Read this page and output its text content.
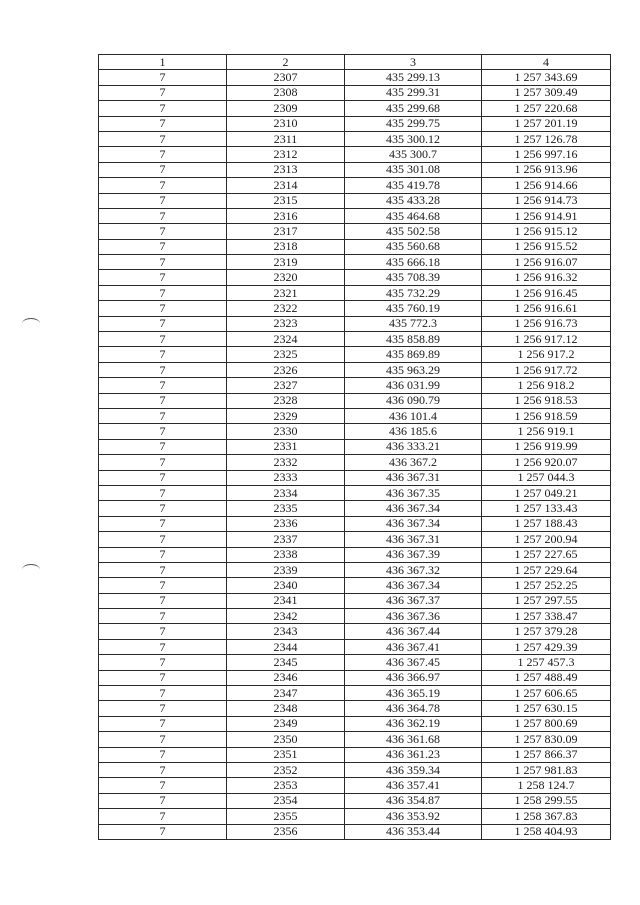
1	2	3	4
7	2307	435 299.13	1 257 343.69
7	2308	435 299.31	1 257 309.49
7	2309	435 299.68	1 257 220.68
7	2310	435 299.75	1 257 201.19
7	2311	435 300.12	1 257 126.78
7	2312	435 300.7	1 256 997.16
7	2313	435 301.08	1 256 913.96
7	2314	435 419.78	1 256 914.66
7	2315	435 433.28	1 256 914.73
7	2316	435 464.68	1 256 914.91
7	2317	435 502.58	1 256 915.12
7	2318	435 560.68	1 256 915.52
7	2319	435 666.18	1 256 916.07
7	2320	435 708.39	1 256 916.32
7	2321	435 732.29	1 256 916.45
7	2322	435 760.19	1 256 916.61
7	2323	435 772.3	1 256 916.73
7	2324	435 858.89	1 256 917.12
7	2325	435 869.89	1 256 917.2
7	2326	435 963.29	1 256 917.72
7	2327	436 031.99	1 256 918.2
7	2328	436 090.79	1 256 918.53
7	2329	436 101.4	1 256 918.59
7	2330	436 185.6	1 256 919.1
7	2331	436 333.21	1 256 919.99
7	2332	436 367.2	1 256 920.07
7	2333	436 367.31	1 257 044.3
7	2334	436 367.35	1 257 049.21
7	2335	436 367.34	1 257 133.43
7	2336	436 367.34	1 257 188.43
7	2337	436 367.31	1 257 200.94
7	2338	436 367.39	1 257 227.65
7	2339	436 367.32	1 257 229.64
7	2340	436 367.34	1 257 252.25
7	2341	436 367.37	1 257 297.55
7	2342	436 367.36	1 257 338.47
7	2343	436 367.44	1 257 379.28
7	2344	436 367.41	1 257 429.39
7	2345	436 367.45	1 257 457.3
7	2346	436 366.97	1 257 488.49
7	2347	436 365.19	1 257 606.65
7	2348	436 364.78	1 257 630.15
7	2349	436 362.19	1 257 800.69
7	2350	436 361.68	1 257 830.09
7	2351	436 361.23	1 257 866.37
7	2352	436 359.34	1 257 981.83
7	2353	436 357.41	1 258 124.7
7	2354	436 354.87	1 258 299.55
7	2355	436 353.92	1 258 367.83
7	2356	436 353.44	1 258 404.93
